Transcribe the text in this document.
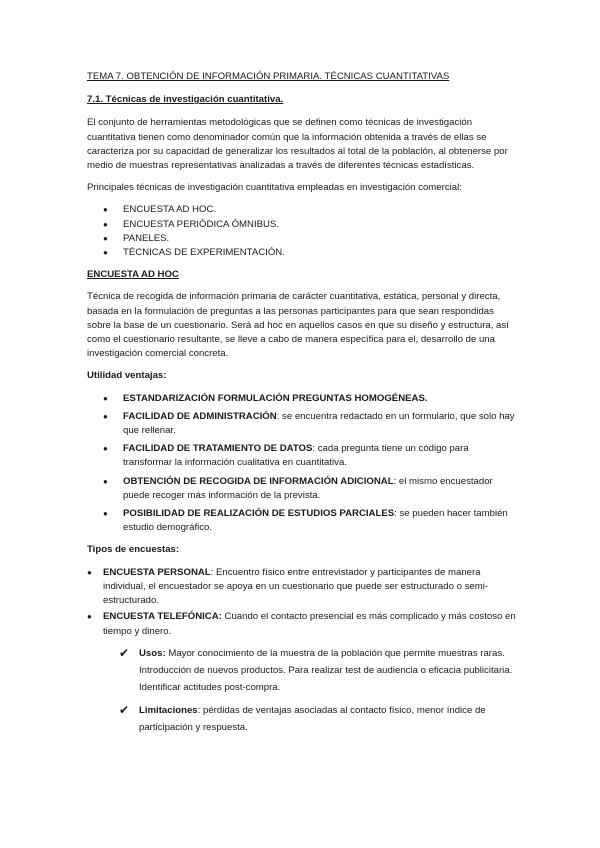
TEMA 7. OBTENCIÓN DE INFORMACIÓN PRIMARIA. TÉCNICAS CUANTITATIVAS
7.1. Técnicas de investigación cuantitativa.

El conjunto de herramientas metodológicas que se definen como técnicas de investigación cuantitativa tienen como denominador común que la información obtenida a través de ellas se caracteriza por su capacidad de generalizar los resultados al total de la población, al obtenerse por medio de muestras representativas analizadas a través de diferentes técnicas estadísticas.

Principales técnicas de investigación cuantitativa empleadas en investigación comercial:

● ENCUESTA AD HOC.
● ENCUESTA PERIÓDICA ÓMNIBUS.
● PANELES.
● TÉCNICAS DE EXPERIMENTACIÓN.
ENCUESTA AD HOC

Técnica de recogida de información primaria de carácter cuantitativa, estática, personal y directa, basada en la formulación de preguntas a las personas participantes para que sean respondidas sobre la base de un cuestionario. Será ad hoc en aquellos casos en que su diseño y estructura, así como el cuestionario resultante, se lleve a cabo de manera específica para el, desarrollo de una investigación comercial concreta.

Utilidad ventajas:
● ESTANDARIZACIÓN FORMULACIÓN PREGUNTAS HOMOGÉNEAS.
● FACILIDAD DE ADMINISTRACIÓN: se encuentra redactado en un formulario, que solo hay que rellenar.
● FACILIDAD DE TRATAMIENTO DE DATOS: cada pregunta tiene un código para transformar la información cualitativa en cuantitativa.
● OBTENCIÓN DE RECOGIDA DE INFORMACIÓN ADICIONAL: el mismo encuestador puede recoger más información de la prevista.
● POSIBILIDAD DE REALIZACIÓN DE ESTUDIOS PARCIALES: se pueden hacer también estudio demográfico.
Tipos de encuestas:
● ENCUESTA PERSONAL: Encuentro físico entre entrevistador y participantes de manera individual, el encuestador se apoya en un cuestionario que puede ser estructurado o semi-estructurado.
● ENCUESTA TELEFÓNICA: Cuando el contacto presencial es más complicado y más costoso en tiempo y dinero.
✔ Usos: Mayor conocimiento de la muestra de la población que permite muestras raras. Introducción de nuevos productos. Para realizar test de audiencia o eficacia publicitaria. Identificar actitudes post-compra.
✔ Limitaciones: pérdidas de ventajas asociadas al contacto físico, menor índice de participación y respuesta.
